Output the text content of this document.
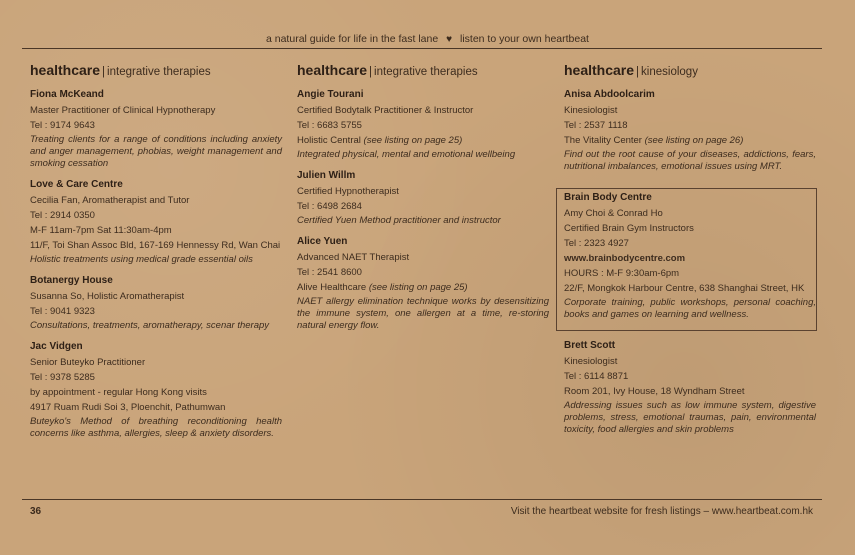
a natural guide for life in the fast lane ♥ listen to your own heartbeat
healthcare | integrative therapies
Fiona McKeand
Master Practitioner of Clinical Hypnotherapy
Tel : 9174 9643
Treating clients for a range of conditions including anxiety and anger management, phobias, weight management and smoking cessation
Love & Care Centre
Cecilia Fan, Aromatherapist and Tutor
Tel : 2914 0350
M-F 11am-7pm Sat 11:30am-4pm
11/F, Toi Shan Assoc Bld, 167-169 Hennessy Rd, Wan Chai
Holistic treatments using medical grade essential oils
Botanergy House
Susanna So, Holistic Aromatherapist
Tel : 9041 9323
Consultations, treatments, aromatherapy, scenar therapy
Jac Vidgen
Senior Buteyko Practitioner
Tel : 9378 5285
by appointment - regular Hong Kong visits
4917 Ruam Rudi Soi 3, Ploenchit, Pathumwan
Buteyko's Method of breathing reconditioning health concerns like asthma, allergies, sleep & anxiety disorders.
healthcare | integrative therapies
Angie Tourani
Certified Bodytalk Practitioner & Instructor
Tel : 6683 5755
Holistic Central (see listing on page 25)
Integrated physical, mental and emotional wellbeing
Julien Willm
Certified Hypnotherapist
Tel : 6498 2684
Certified Yuen Method practitioner and instructor
Alice Yuen
Advanced NAET Therapist
Tel : 2541 8600
Alive Healthcare (see listing on page 25)
NAET allergy elimination technique works by desensitizing the immune system, one allergen at a time, re-storing natural energy flow.
healthcare | kinesiology
Anisa Abdoolcarim
Kinesiologist
Tel : 2537 1118
The Vitality Center (see listing on page 26)
Find out the root cause of your diseases, addictions, fears, nutritional imbalances, emotional issues using MRT.
Brain Body Centre
Amy Choi & Conrad Ho
Certified Brain Gym Instructors
Tel : 2323 4927
www.brainbodycentre.com
HOURS : M-F 9:30am-6pm
22/F, Mongkok Harbour Centre, 638 Shanghai Street, HK
Corporate training, public workshops, personal coaching, books and games on learning and wellness.
Brett Scott
Kinesiologist
Tel : 6114 8871
Room 201, Ivy House, 18 Wyndham Street
Addressing issues such as low immune system, digestive problems, stress, emotional traumas, pain, environmental toxicity, food allergies and skin problems
36	Visit the heartbeat website for fresh listings – www.heartbeat.com.hk
